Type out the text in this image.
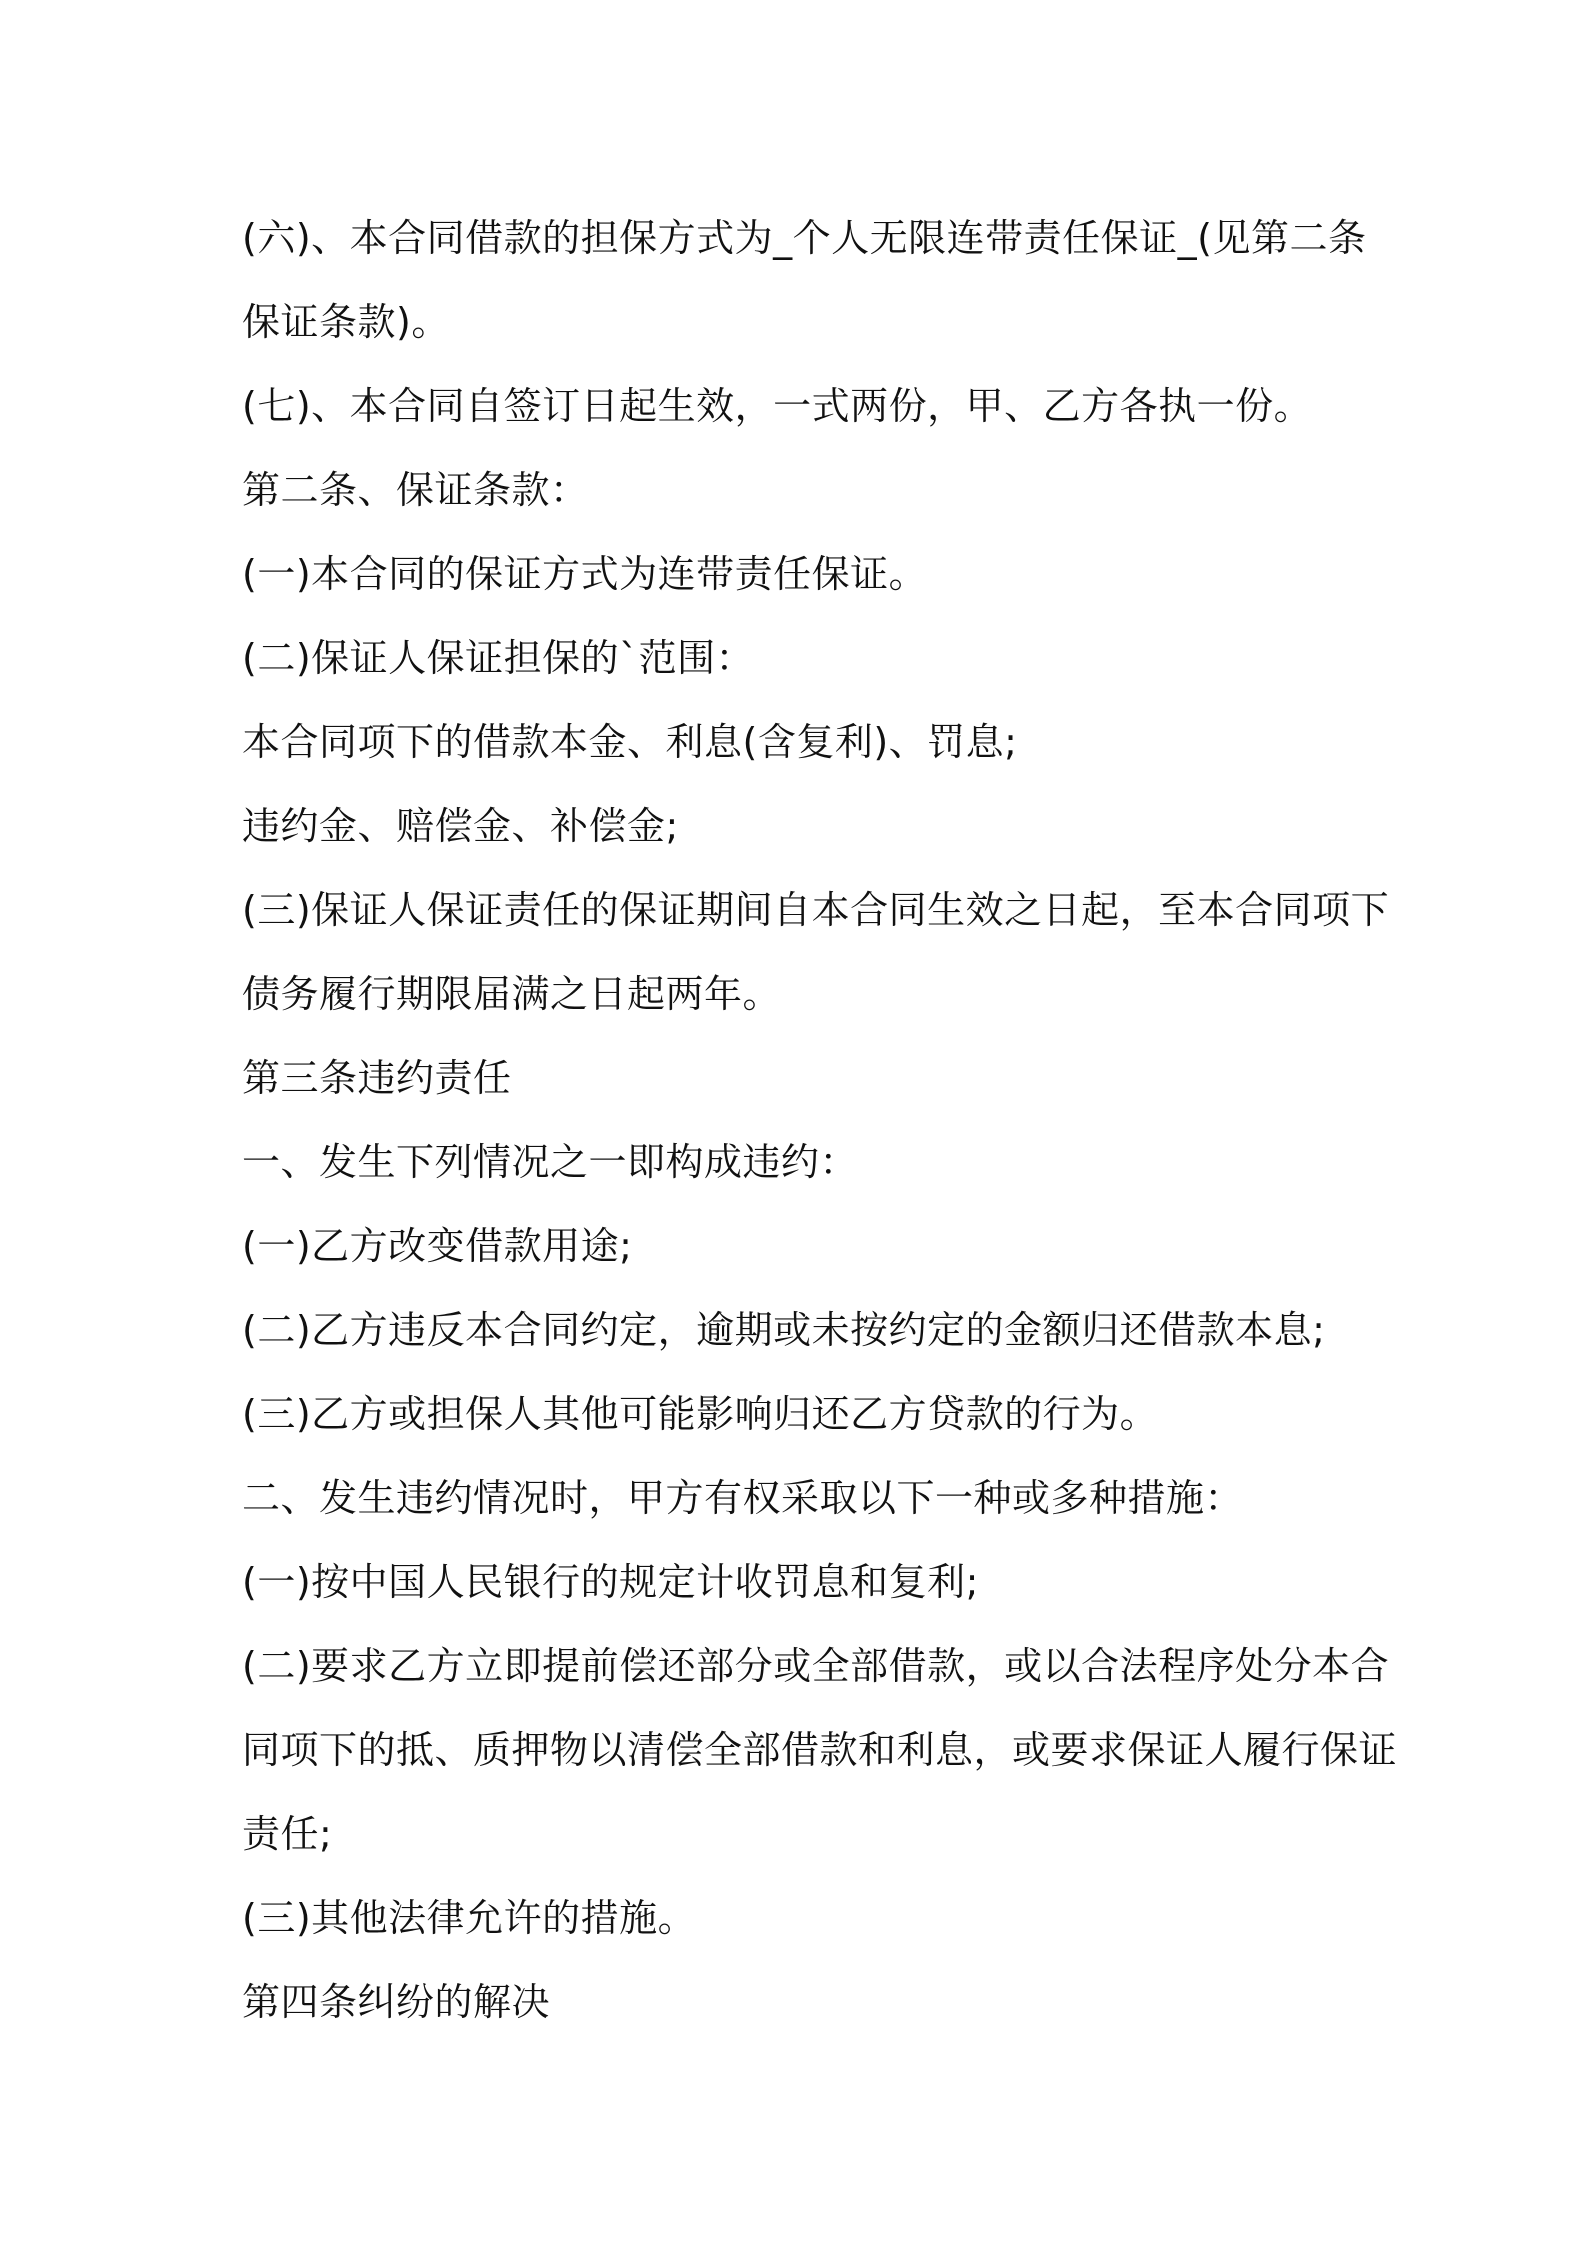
(六)、本合同借款的担保方式为_个人无限连带责任保证_(见第二条
保证条款)。
(七)、本合同自签订日起生效，一式两份，甲、乙方各执一份。
第二条、保证条款：
(一)本合同的保证方式为连带责任保证。
(二)保证人保证担保的`范围：
本合同项下的借款本金、利息(含复利)、罚息;
违约金、赔偿金、补偿金;
(三)保证人保证责任的保证期间自本合同生效之日起，至本合同项下
债务履行期限届满之日起两年。
第三条违约责任
一、发生下列情况之一即构成违约：
(一)乙方改变借款用途;
(二)乙方违反本合同约定，逾期或未按约定的金额归还借款本息;
(三)乙方或担保人其他可能影响归还乙方贷款的行为。
二、发生违约情况时，甲方有权采取以下一种或多种措施：
(一)按中国人民银行的规定计收罚息和复利;
(二)要求乙方立即提前偿还部分或全部借款，或以合法程序处分本合
同项下的抵、质押物以清偿全部借款和利息，或要求保证人履行保证
责任;
(三)其他法律允许的措施。
第四条纠纷的解决
